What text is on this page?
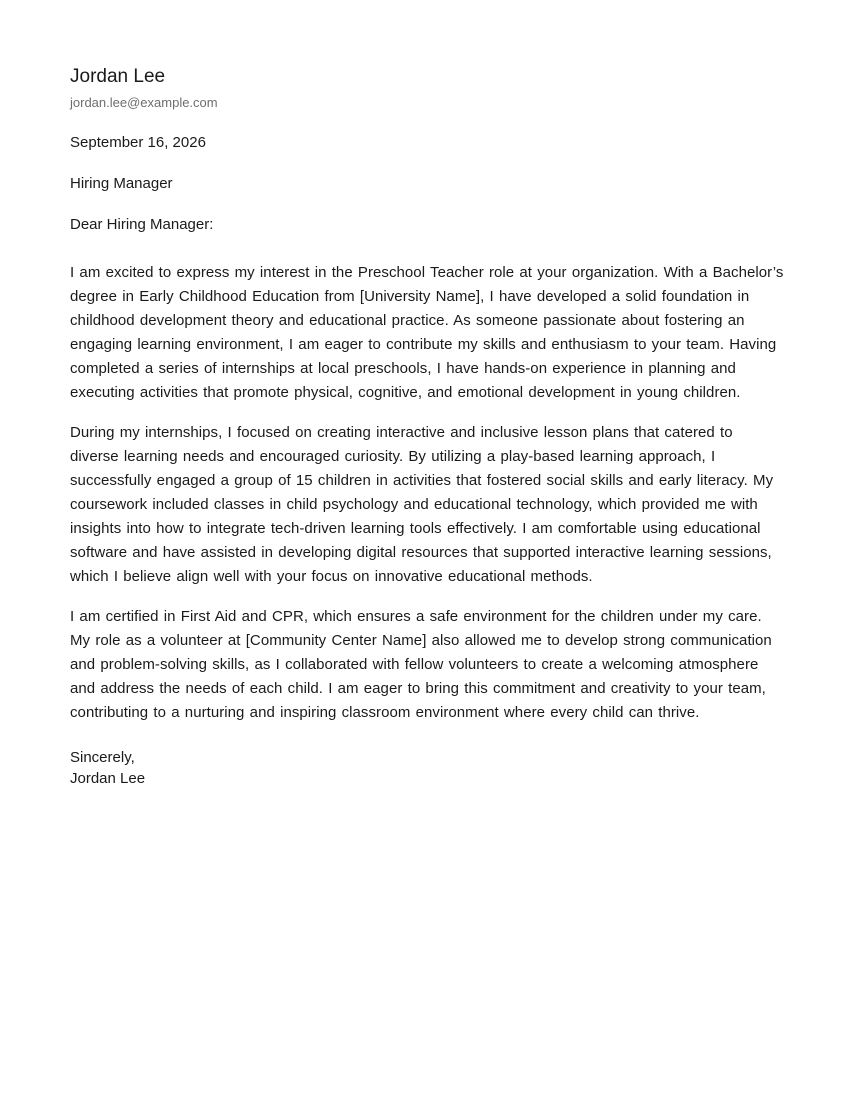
Jordan Lee
jordan.lee@example.com
September 16, 2026
Hiring Manager
Dear Hiring Manager:

I am excited to express my interest in the Preschool Teacher role at your organization. With a Bachelor’s degree in Early Childhood Education from [University Name], I have developed a solid foundation in childhood development theory and educational practice. As someone passionate about fostering an engaging learning environment, I am eager to contribute my skills and enthusiasm to your team. Having completed a series of internships at local preschools, I have hands-on experience in planning and executing activities that promote physical, cognitive, and emotional development in young children.

During my internships, I focused on creating interactive and inclusive lesson plans that catered to diverse learning needs and encouraged curiosity. By utilizing a play-based learning approach, I successfully engaged a group of 15 children in activities that fostered social skills and early literacy. My coursework included classes in child psychology and educational technology, which provided me with insights into how to integrate tech-driven learning tools effectively. I am comfortable using educational software and have assisted in developing digital resources that supported interactive learning sessions, which I believe align well with your focus on innovative educational methods.

I am certified in First Aid and CPR, which ensures a safe environment for the children under my care. My role as a volunteer at [Community Center Name] also allowed me to develop strong communication and problem-solving skills, as I collaborated with fellow volunteers to create a welcoming atmosphere and address the needs of each child. I am eager to bring this commitment and creativity to your team, contributing to a nurturing and inspiring classroom environment where every child can thrive.

Sincerely,
Jordan Lee
